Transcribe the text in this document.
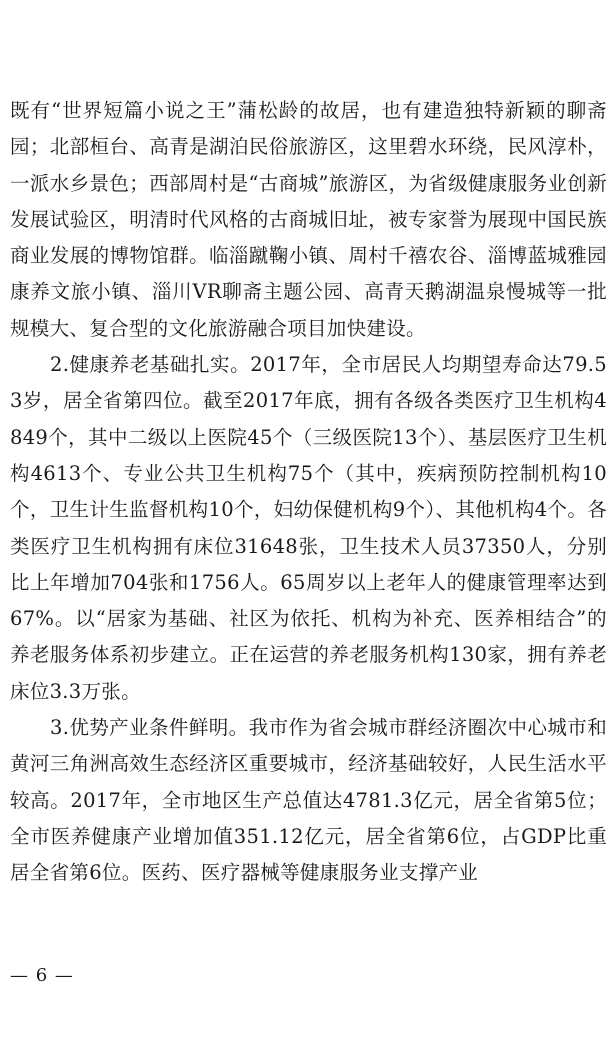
既有“世界短篇小说之王”蒲松龄的故居，也有建造独特新颖的聊斋园；北部桓台、高青是湖泊民俗旅游区，这里碧水环绕，民风淳朴，一派水乡景色；西部周村是“古商城”旅游区，为省级健康服务业创新发展试验区，明清时代风格的古商城旧址，被专家誉为展现中国民族商业发展的博物馆群。临淄蹴鞠小镇、周村千禧农谷、淄博蓝城雅园康养文旅小镇、淄川VR聊斋主题公园、高青天鹅湖温泉慢城等一批规模大、复合型的文化旅游融合项目加快建设。

2.健康养老基础扎实。2017年，全市居民人均期望寿命达79.53岁，居全省第四位。截至2017年底，拥有各级各类医疗卫生机构4849个，其中二级以上医院45个（三级医院13个）、基层医疗卫生机构4613个、专业公共卫生机构75个（其中，疾病预防控制机构10个，卫生计生监督机构10个，妇幼保健机构9个）、其他机构4个。各类医疗卫生机构拥有床位31648张，卫生技术人员37350人，分别比上年增加704张和1756人。65周岁以上老年人的健康管理率达到67%。以“居家为基础、社区为依托、机构为补充、医养相结合”的养老服务体系初步建立。正在运营的养老服务机构130家，拥有养老床位3.3万张。

3.优势产业条件鲜明。我市作为省会城市群经济圈次中心城市和黄河三角洲高效生态经济区重要城市，经济基础较好，人民生活水平较高。2017年，全市地区生产总值达4781.3亿元，居全省第5位；全市医养健康产业增加值351.12亿元，居全省第6位，占GDP比重居全省第6位。医药、医疗器械等健康服务业支撑产业

— 6 —
